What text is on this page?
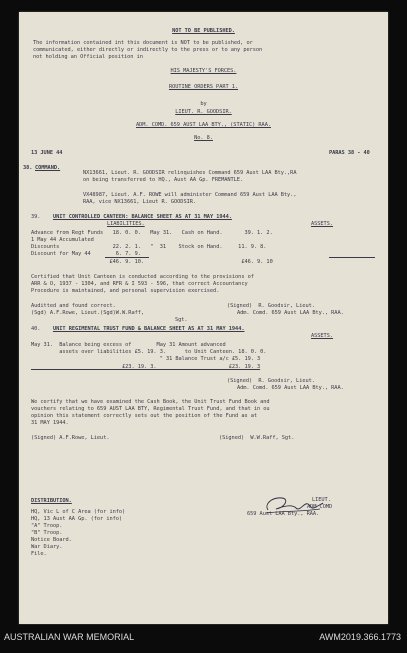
NOT TO BE PUBLISHED.
The information contained int this document is NOT to be published, or
communicated, either directly or indirectly to the press or to any person
not holding an Official position in
HIS MAJESTY'S FORCES.
ROUTINE ORDERS PART 1.
by
LIEUT. R. GOODSIR.
ADM. COMD. 659 AUST LAA BTY., (STATIC) RAA.
No. 8.
13 JUNE 44	PARAS 38 - 40
38. COMMAND.
NX13661, Lieut. R. GOODSIR relinquishes Command 659 Aust LAA Bty.,RA
on being transferred to HQ., Aust AA Gp. FREMANTLE.
VX48987, Lieut. A.F. ROWE will administer Command 659 Aust LAA Bty.,
RAA, vice NX13661, Lieut R. GOODSIR.
39. UNIT CONTROLLED CANTEEN: BALANCE SHEET AS AT 31 MAY 1944.
LIABILITIES.	ASSETS.
Advance from Regt Funds   18. 0. 0.   May 31.   Cash on Hand.       39. 1. 2.
1 May 44 Accumulated
Discounts                 22. 2. 1.   "  31    Stock on Hand.     11. 9. 8.
Discount for May 44        6. 7. 9.
£46. 9. 10.                               £46. 9. 10
Certified that Unit Canteen is conducted according to the provisions of
ARR & O, 1937 - 1304, and RFR & I 593 - 596, that correct Accountancy
Procedure is maintained, and personal supervision exercised.
Auditted and found correct.	(Signed)  R. Goodsir, Lieut.
(Sgd) A.F.Rowe, Lieut.(Sgd)W.W.Raff,	Adm. Comd. 659 Aust LAA Bty., RAA.
Sgt.
40. UNIT REGIMENTAL TRUST FUND & BALANCE SHEET AS AT 31 MAY 1944.
ASSETS.
May 31.  Balance being excess of        May 31 Amount advanced
assets over liabilities £5. 19. 3.      to Unit Canteen. 18. 0. 0.
" 31 Balance Trust a/c £5. 19. 3
£23. 19. 3.                       £23. 19. 3
(Signed)  R. Goodsir, Lieut.
Adm. Comd. 659 Aust LAA Bty., RAA.
We certify that we have examined the Cash Book, the Unit Trust Fund Book and
vouchers relating to 659 AUST LAA BTY, Regimental Trust Fund, and that in ou
opinion this statement correctly sets out the position of the Fund as at
31 MAY 1944.
(Signed) A.F.Rowe, Lieut.	(Signed)  W.W.Raff, Sgt.
LIEUT.
ADM COMD
659 Aust LAA Bty., RAA.
DISTRIBUTION.
HQ, Vic L of C Area (for info)
HQ, 13 Aust AA Gp. (for info)
"A" Troop.
"B" Troop.
Notice Board.
War Diary.
File.
AUSTRALIAN WAR MEMORIAL	AWM2019.366.1773
